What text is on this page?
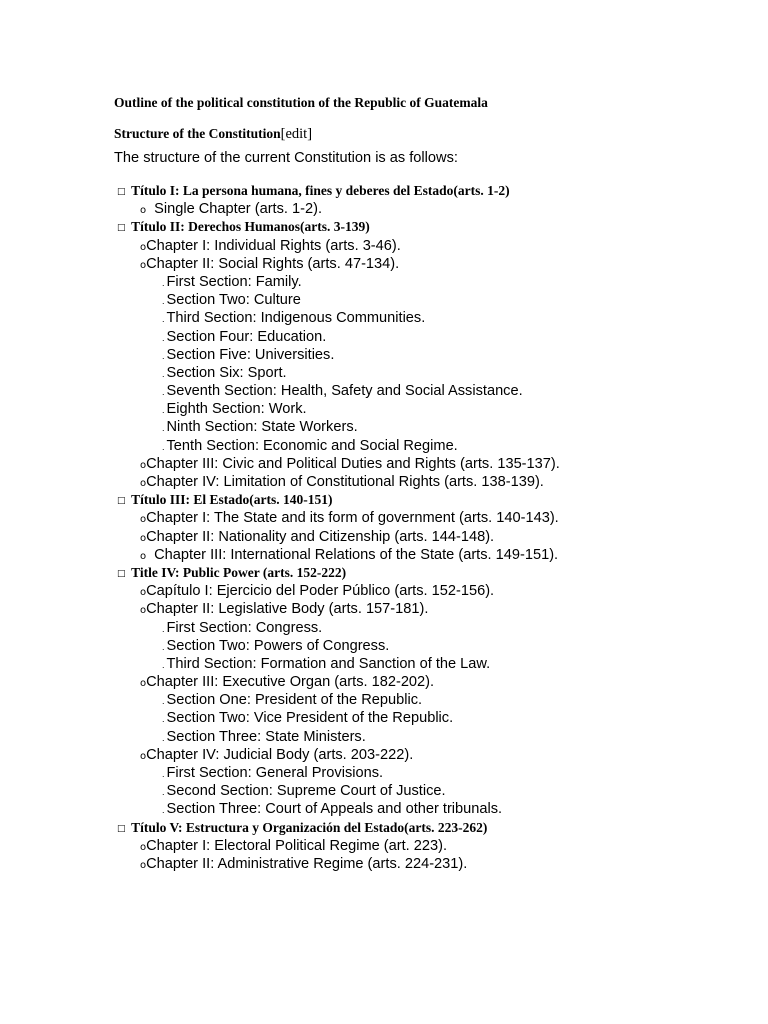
Outline of the political constitution of the Republic of Guatemala
Structure of the Constitution[edit]
The structure of the current Constitution is as follows:
□ Título I: La persona humana, fines y deberes del Estado(arts. 1-2)
o Single Chapter (arts. 1-2).
□ Título II: Derechos Humanos(arts. 3-139)
oChapter I: Individual Rights (arts. 3-46).
oChapter II: Social Rights (arts. 47-134).
. First Section: Family.
. Section Two: Culture
. Third Section: Indigenous Communities.
. Section Four: Education.
. Section Five: Universities.
. Section Six: Sport.
. Seventh Section: Health, Safety and Social Assistance.
. Eighth Section: Work.
. Ninth Section: State Workers.
. Tenth Section: Economic and Social Regime.
oChapter III: Civic and Political Duties and Rights (arts. 135-137).
oChapter IV: Limitation of Constitutional Rights (arts. 138-139).
□ Título III: El Estado(arts. 140-151)
oChapter I: The State and its form of government (arts. 140-143).
oChapter II: Nationality and Citizenship (arts. 144-148).
o Chapter III: International Relations of the State (arts. 149-151).
□ Title IV: Public Power (arts. 152-222)
oCapítulo I: Ejercicio del Poder Público (arts. 152-156).
oChapter II: Legislative Body (arts. 157-181).
. First Section: Congress.
. Section Two: Powers of Congress.
. Third Section: Formation and Sanction of the Law.
oChapter III: Executive Organ (arts. 182-202).
. Section One: President of the Republic.
. Section Two: Vice President of the Republic.
. Section Three: State Ministers.
oChapter IV: Judicial Body (arts. 203-222).
. First Section: General Provisions.
. Second Section: Supreme Court of Justice.
. Section Three: Court of Appeals and other tribunals.
□ Título V: Estructura y Organización del Estado(arts. 223-262)
oChapter I: Electoral Political Regime (art. 223).
oChapter II: Administrative Regime (arts. 224-231).
